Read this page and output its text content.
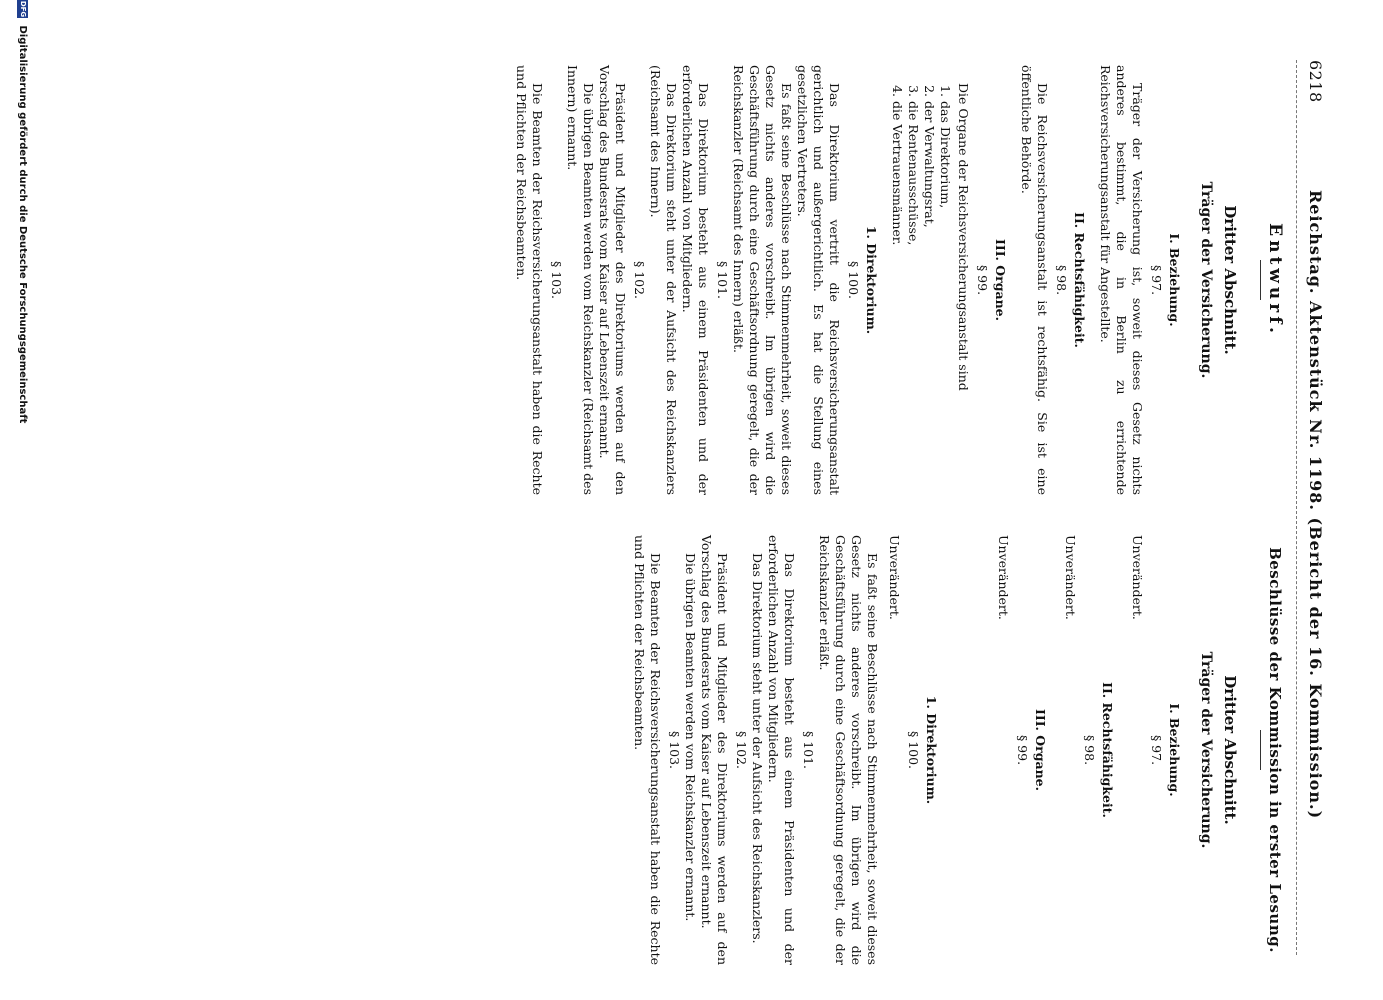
6218
Reichstag. Aktenstück Nr. 1198. (Bericht der 16. Kommission.)

Entwurf.

Dritter Abschnitt.

Träger der Versicherung.

I. Beziehung.

§ 97.

Träger der Versicherung ist, soweit dieses Gesetz nichts anderes bestimmt, die in Berlin zu errichtende Reichsversicherungsanstalt für Angestellte.

II. Rechtsfähigkeit.

§ 98.

Die Reichsversicherungsanstalt ist rechtsfähig. Sie ist eine öffentliche Behörde.

III. Organe.

§ 99.

Die Organe der Reichsversicherungsanstalt sind

1. das Direktorium,
2. der Verwaltungsrat,
3. die Rentenausschüsse,
4. die Vertrauensmänner.

1. Direktorium.

§ 100.

Das Direktorium vertritt die Reichsversicherungsanstalt gerichtlich und außergerichtlich. Es hat die Stellung eines gesetzlichen Vertreters.

Es faßt seine Beschlüsse nach Stimmenmehrheit, soweit dieses Gesetz nichts anderes vorschreibt. Im übrigen wird die Geschäftsführung durch eine Geschäftsordnung geregelt, die der Reichskanzler (Reichsamt des Innern) erläßt.

§ 101.

Das Direktorium besteht aus einem Präsidenten und der erforderlichen Anzahl von Mitgliedern.

Das Direktorium steht unter der Aufsicht des Reichskanzlers (Reichsamt des Innern).

§ 102.

Präsident und Mitglieder des Direktoriums werden auf den Vorschlag des Bundesrats vom Kaiser auf Lebenszeit ernannt.

Die übrigen Beamten werden vom Reichskanzler (Reichsamt des Innern) ernannt.

§ 103.

Die Beamten der Reichsversicherungsanstalt haben die Rechte und Pflichten der Reichsbeamten.

Beschlüsse der Kommission in erster Lesung.

Dritter Abschnitt.

Träger der Versicherung.

I. Beziehung.

§ 97.

Unverändert.

II. Rechtsfähigkeit.

§ 98.

Unverändert.

III. Organe.

§ 99.

Unverändert.

1. Direktorium.

§ 100.

Unverändert.

Es faßt seine Beschlüsse nach Stimmenmehrheit, soweit dieses Gesetz nichts anderes vorschreibt. Im übrigen wird die Geschäftsführung durch eine Geschäftsordnung geregelt, die der Reichskanzler erläßt.

§ 101.

Das Direktorium besteht aus einem Präsidenten und der erforderlichen Anzahl von Mitgliedern.

Das Direktorium steht unter der Aufsicht des Reichskanzlers.

§ 102.

Präsident und Mitglieder des Direktoriums werden auf den Vorschlag des Bundesrats vom Kaiser auf Lebenszeit ernannt.

Die übrigen Beamten werden vom Reichskanzler ernannt.

§ 103.

Die Beamten der Reichsversicherungsanstalt haben die Rechte und Pflichten der Reichsbeamten.

DFG Digitalisierung gefördert durch die Deutsche Forschungsgemeinschaft
